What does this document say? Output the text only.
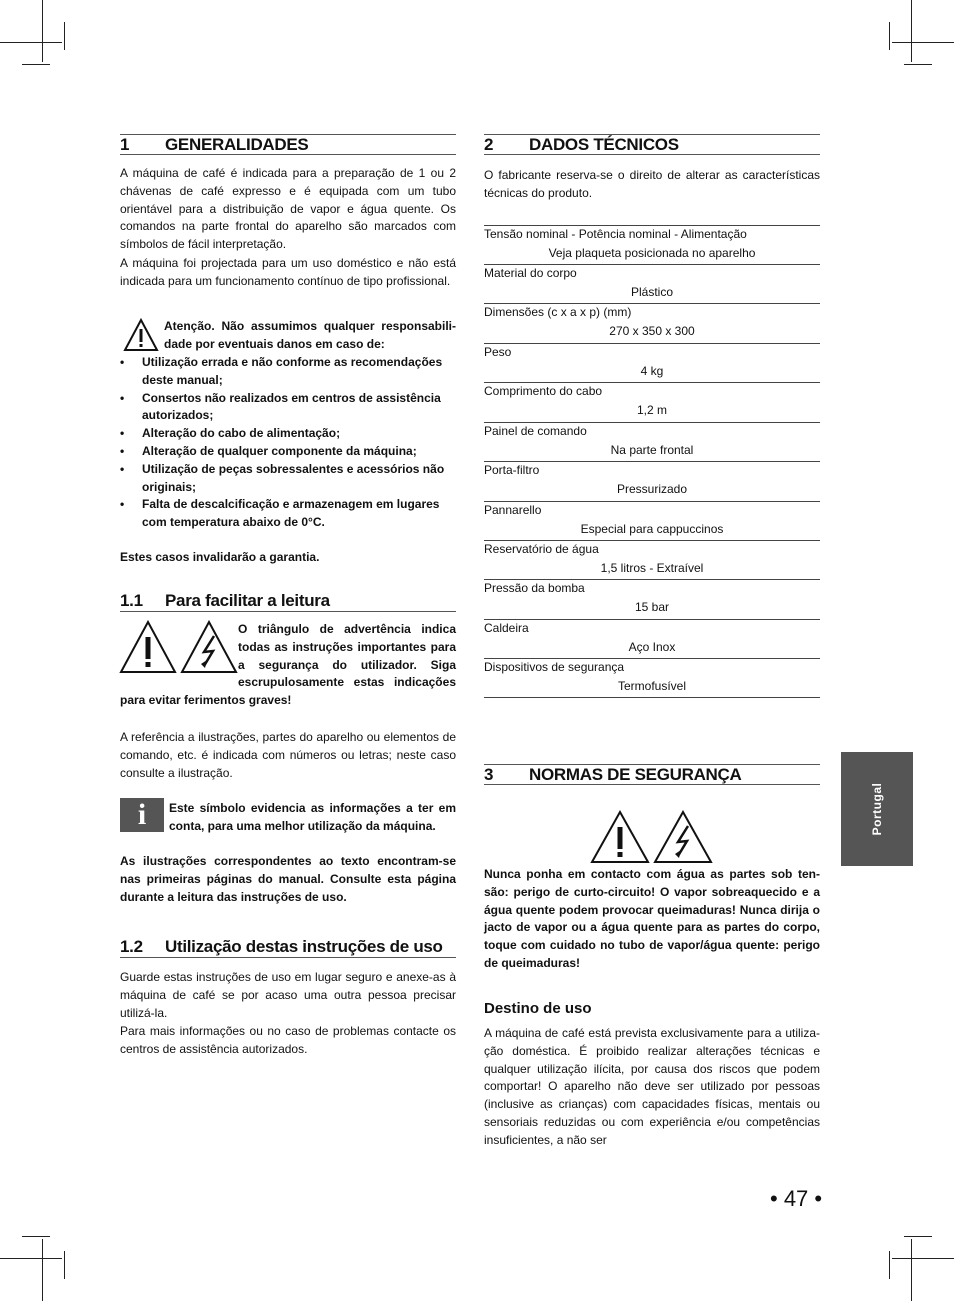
1 GENERALIDADES
A máquina de café é indicada para a preparação de 1 ou 2 chávenas de café expresso e é equipada com um tubo orientável para a distribuição de vapor e água quente. Os comandos na parte frontal do aparelho são marcados com símbolos de fácil interpretação.
A máquina foi projectada para um uso doméstico e não está indicada para um funcionamento contínuo de tipo profissional.
Atenção. Não assumimos qualquer responsabilidade por eventuais danos em caso de:
• Utilização errada e não conforme as recomendações deste manual;
• Consertos não realizados em centros de assistência autorizados;
• Alteração do cabo de alimentação;
• Alteração de qualquer componente da máquina;
• Utilização de peças sobressalentes e acessórios não originais;
• Falta de descalcificação e armazenagem em lugares com temperatura abaixo de 0°C.
Estes casos invalidarão a garantia.
1.1 Para facilitar a leitura
O triângulo de advertência indica todas as instruções importantes para a segurança do utilizador. Siga escrupulosamente estas indicações para evitar ferimentos graves!
A referência a ilustrações, partes do aparelho ou elementos de comando, etc. é indicada com números ou letras; neste caso consulte a ilustração.
i	Este símbolo evidencia as informações a ter em conta, para uma melhor utilização da máquina.
As ilustrações correspondentes ao texto encontram-se nas primeiras páginas do manual. Consulte esta página durante a leitura das instruções de uso.
1.2 Utilização destas instruções de uso
Guarde estas instruções de uso em lugar seguro e anexe-as à máquina de café se por acaso uma outra pessoa precisar utilizá-la.
Para mais informações ou no caso de problemas contacte os centros de assistência autorizados.
2 DADOS TÉCNICOS
O fabricante reserva-se o direito de alterar as características técnicas do produto.
Tensão nominal - Potência nominal - Alimentação
Veja plaqueta posicionada no aparelho
Material do corpo
Plástico
Dimensões (c x a x p) (mm)
270 x 350 x 300
Peso
4 kg
Comprimento do cabo
1,2 m
Painel de comando
Na parte frontal
Porta-filtro
Pressurizado
Pannarello
Especial para cappuccinos
Reservatório de água
1,5 litros - Extraível
Pressão da bomba
15 bar
Caldeira
Aço Inox
Dispositivos de segurança
Termofusível
3 NORMAS DE SEGURANÇA
Nunca ponha em contacto com água as partes sob tensão: perigo de curto-circuito! O vapor sobreaquecido e a água quente podem provocar queimaduras! Nunca dirija o jacto de vapor ou a água quente para as partes do corpo, toque com cuidado no tubo de vapor/água quente: perigo de queimaduras!
Destino de uso
A máquina de café está prevista exclusivamente para a utilização doméstica. É proibido realizar alterações técnicas e qualquer utilização ilícita, por causa dos riscos que podem comportar! O aparelho não deve ser utilizado por pessoas (inclusive as crianças) com capacidades físicas, mentais ou sensoriais reduzidas ou com experiência e/ou competências insuficientes, a não ser
Portugal
• 47 •
